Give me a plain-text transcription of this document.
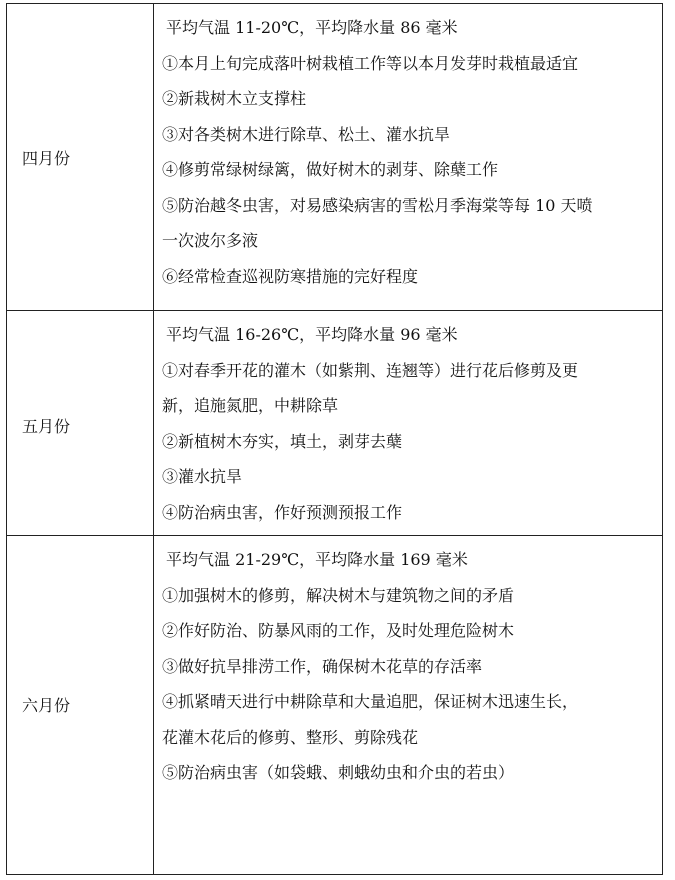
四月份
平均气温 11-20℃，平均降水量 86 毫米
①本月上旬完成落叶树栽植工作等以本月发芽时栽植最适宜
②新栽树木立支撑柱
③对各类树木进行除草、松土、灌水抗旱
④修剪常绿树绿篱，做好树木的剥芽、除蘖工作
⑤防治越冬虫害，对易感染病害的雪松月季海棠等每 10 天喷
一次波尔多液
⑥经常检查巡视防寒措施的完好程度
五月份
平均气温 16-26℃，平均降水量 96 毫米
①对春季开花的灌木（如紫荆、连翘等）进行花后修剪及更
新，追施氮肥，中耕除草
②新植树木夯实，填土，剥芽去蘖
③灌水抗旱
④防治病虫害，作好预测预报工作
六月份
平均气温 21-29℃，平均降水量 169 毫米
①加强树木的修剪，解决树木与建筑物之间的矛盾
②作好防治、防暴风雨的工作，及时处理危险树木
③做好抗旱排涝工作，确保树木花草的存活率
④抓紧晴天进行中耕除草和大量追肥，保证树木迅速生长，
花灌木花后的修剪、整形、剪除残花
⑤防治病虫害（如袋蛾、刺蛾幼虫和介虫的若虫）
